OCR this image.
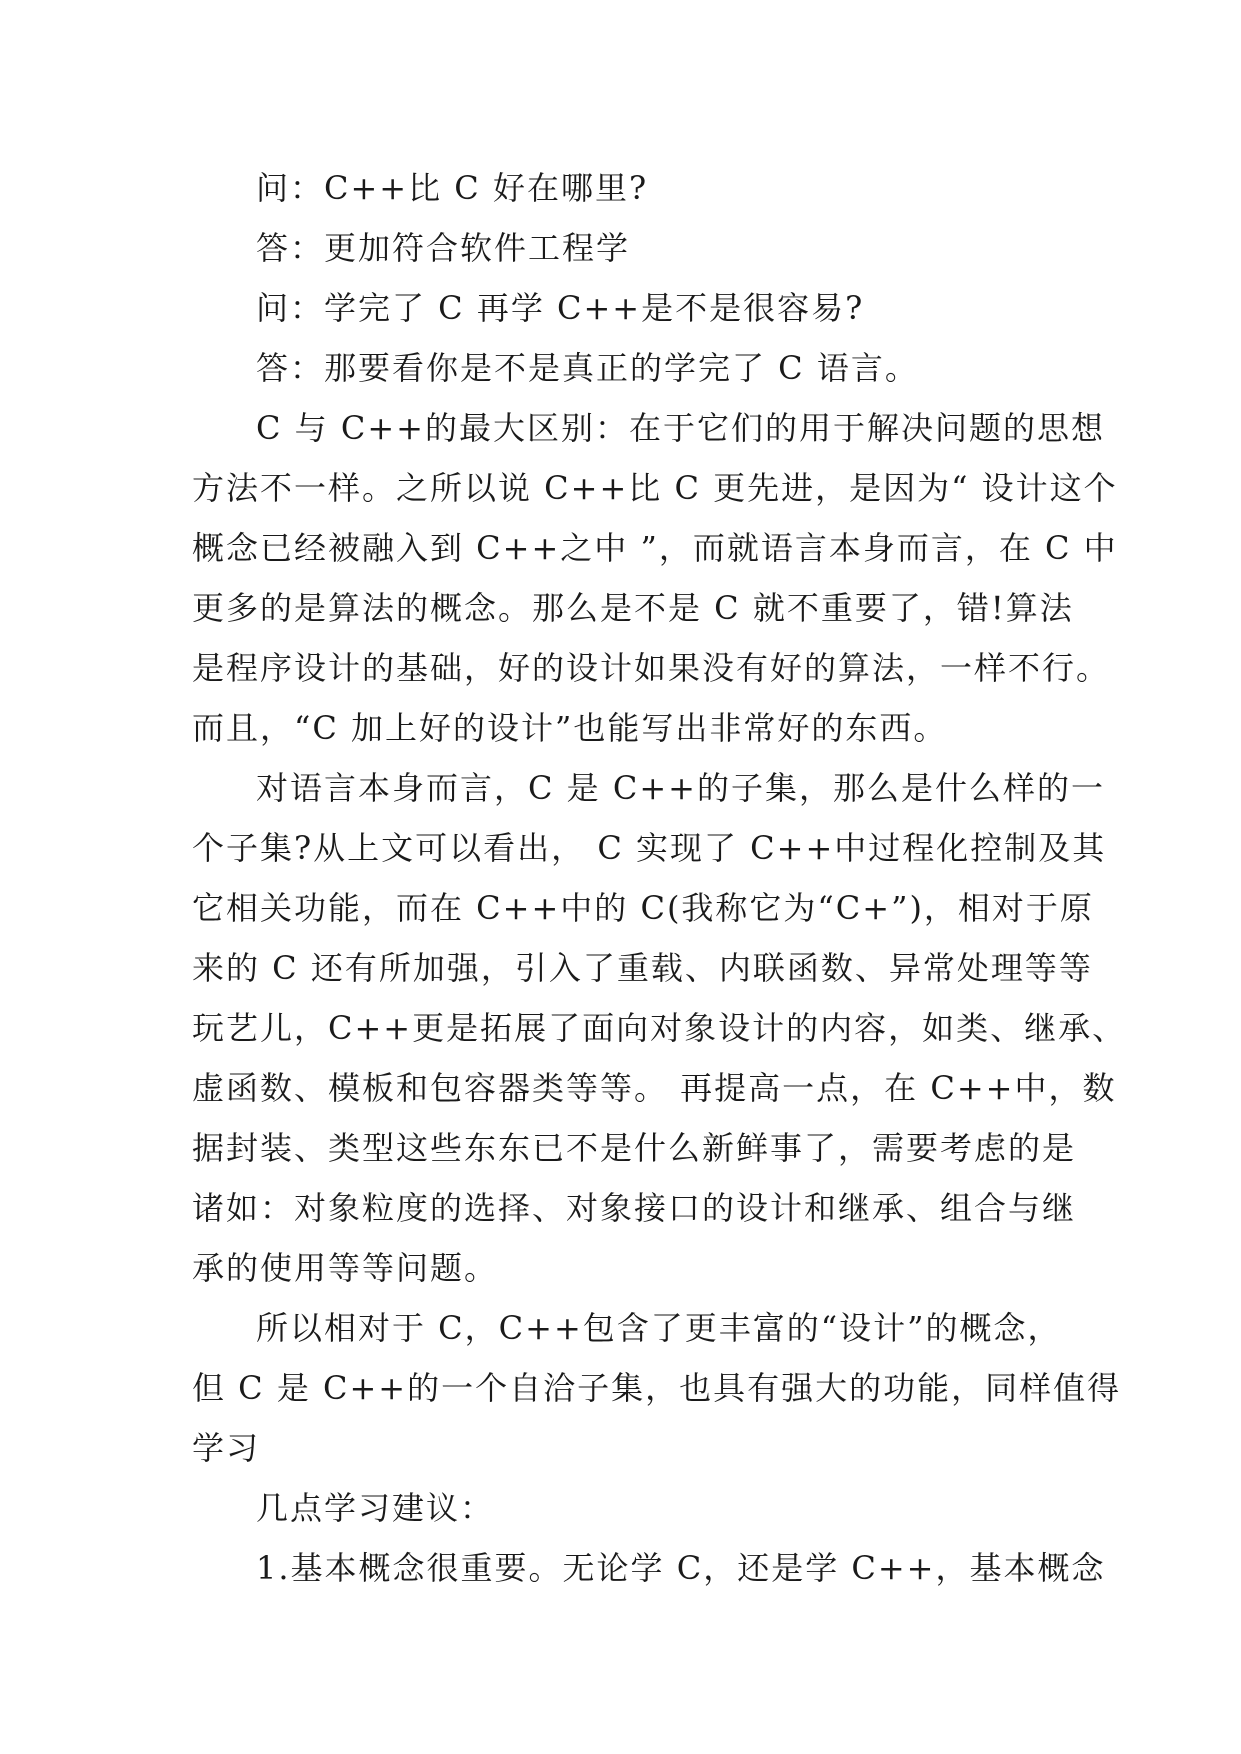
问：C++比 C 好在哪里?
答：更加符合软件工程学
问：学完了 C 再学 C++是不是很容易?
答：那要看你是不是真正的学完了 C 语言。
C 与 C++的最大区别：在于它们的用于解决问题的思想
方法不一样。之所以说 C++比 C 更先进，是因为“ 设计这个
概念已经被融入到 C++之中 ”，而就语言本身而言，在 C 中
更多的是算法的概念。那么是不是 C 就不重要了，错!算法
是程序设计的基础，好的设计如果没有好的算法，一样不行。
而且，“C 加上好的设计”也能写出非常好的东西。
对语言本身而言，C 是 C++的子集，那么是什么样的一
个子集?从上文可以看出， C 实现了 C++中过程化控制及其
它相关功能，而在 C++中的 C(我称它为“C+”)，相对于原
来的 C 还有所加强，引入了重载、内联函数、异常处理等等
玩艺儿，C++更是拓展了面向对象设计的内容，如类、继承、
虚函数、模板和包容器类等等。 再提高一点，在 C++中，数
据封装、类型这些东东已不是什么新鲜事了，需要考虑的是
诸如：对象粒度的选择、对象接口的设计和继承、组合与继
承的使用等等问题。
所以相对于 C，C++包含了更丰富的“设计”的概念，
但 C 是 C++的一个自洽子集，也具有强大的功能，同样值得
学习
几点学习建议：
1.基本概念很重要。无论学 C，还是学 C++，基本概念
